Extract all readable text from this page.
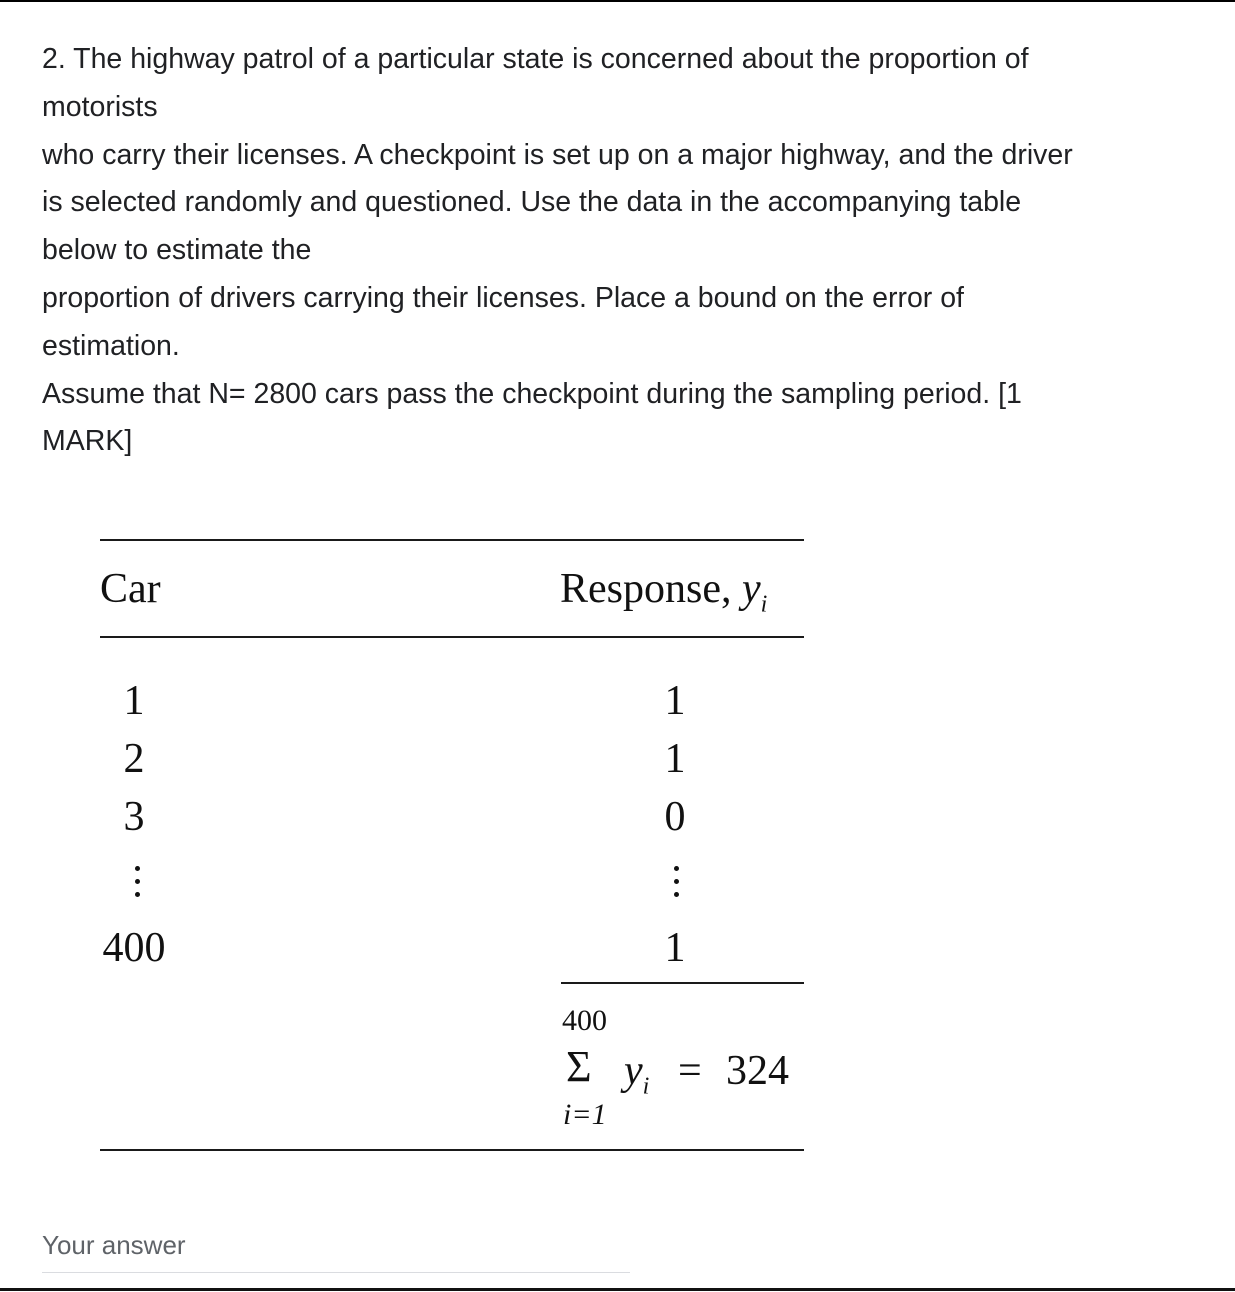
2. The highway patrol of a particular state is concerned about the proportion of
motorists
who carry their licenses. A checkpoint is set up on a major highway, and the driver
is selected randomly and questioned. Use the data in the accompanying table
below to estimate the
proportion of drivers carrying their licenses. Place a bound on the error of
estimation.
Assume that N= 2800 cars pass the checkpoint during the sampling period. [1
MARK]

Car	Response, $y_i$
1	1
2	1
3	0
400	1
400
Σ
i=1
$y_i = 324$

Your answer
